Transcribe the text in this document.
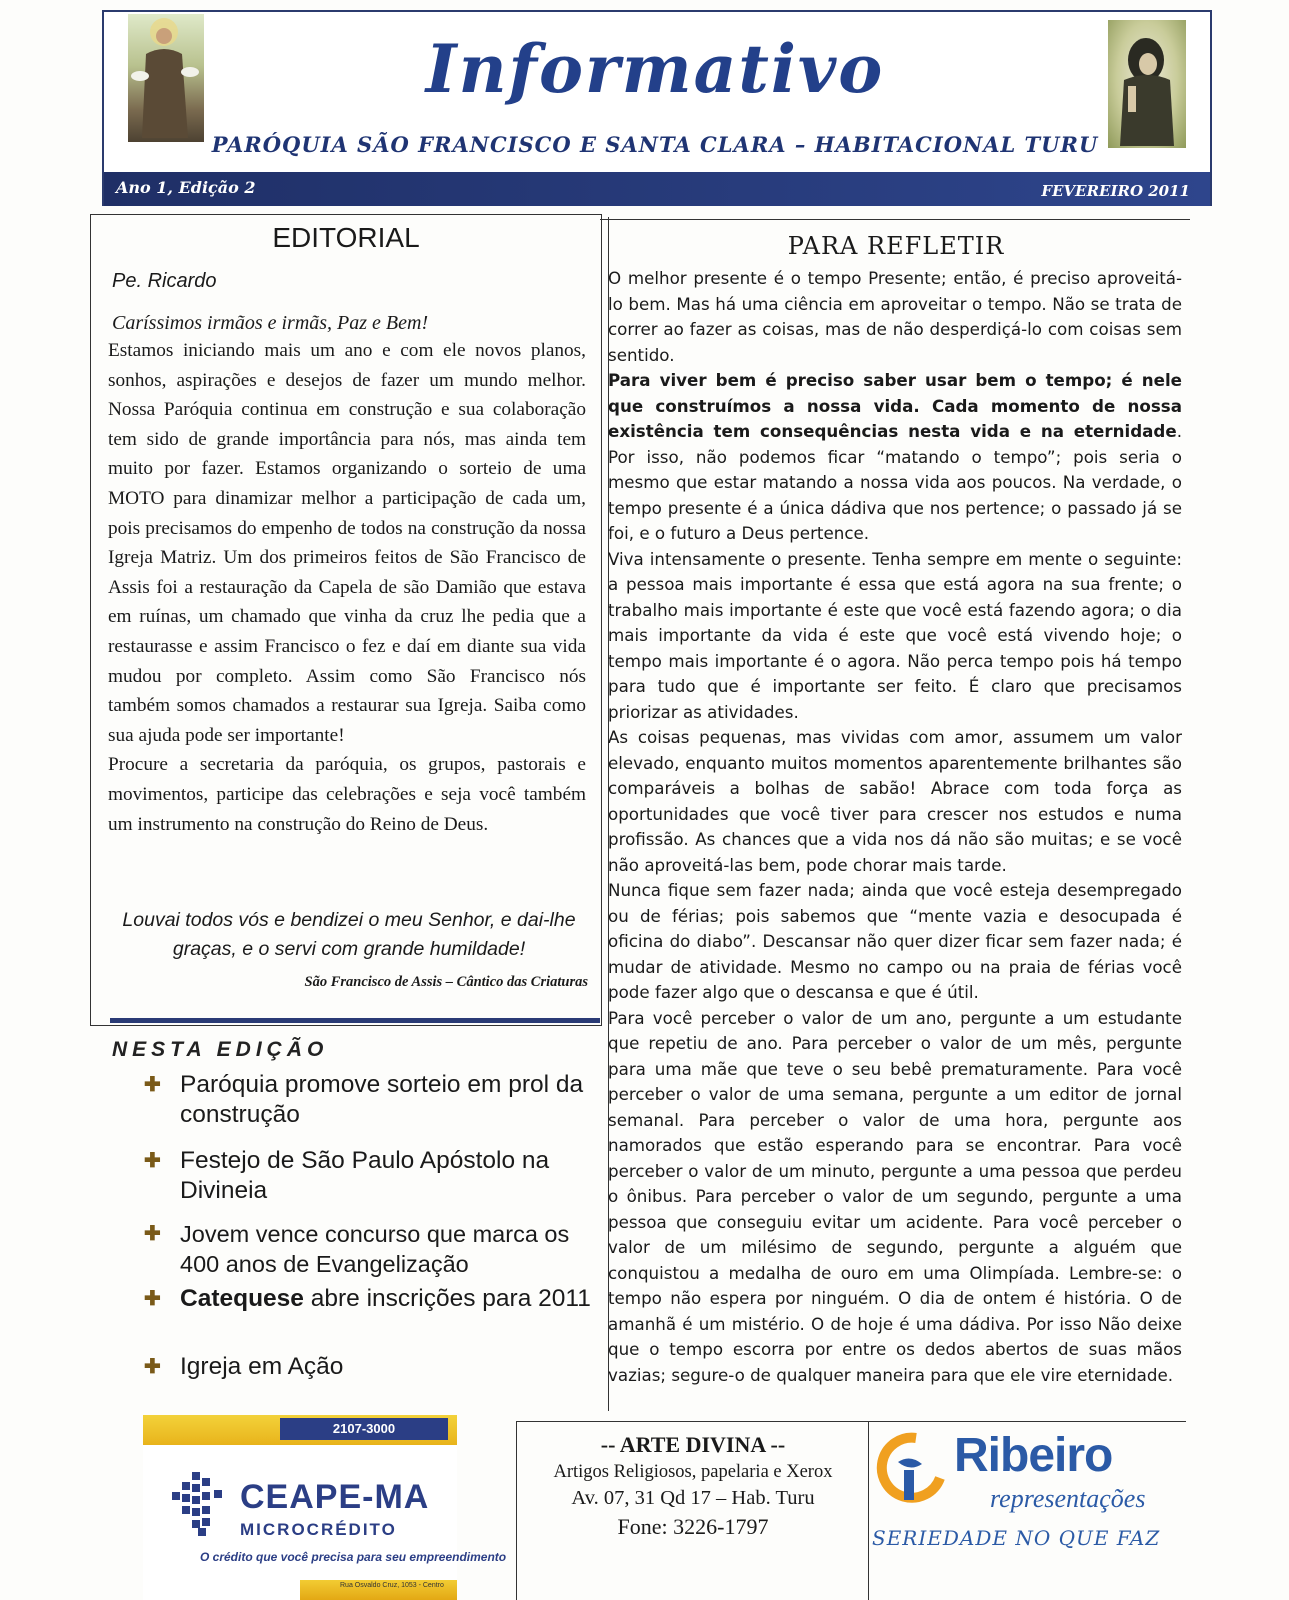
Informativo
PARÓQUIA SÃO FRANCISCO E SANTA CLARA – HABITACIONAL TURU
Ano 1, Edição 2	FEVEREIRO 2011
EDITORIAL
Pe. Ricardo
Caríssimos irmãos e irmãs, Paz e Bem!

Estamos iniciando mais um ano e com ele novos planos, sonhos, aspirações e desejos de fazer um mundo melhor. Nossa Paróquia continua em construção e sua colaboração tem sido de grande importância para nós, mas ainda tem muito por fazer. Estamos organizando o sorteio de uma MOTO para dinamizar melhor a participação de cada um, pois precisamos do empenho de todos na construção da nossa Igreja Matriz. Um dos primeiros feitos de São Francisco de Assis foi a restauração da Capela de são Damião que estava em ruínas, um chamado que vinha da cruz lhe pedia que a restaurasse e assim Francisco o fez e daí em diante sua vida mudou por completo. Assim como São Francisco nós também somos chamados a restaurar sua Igreja. Saiba como sua ajuda pode ser importante!

Procure a secretaria da paróquia, os grupos, pastorais e movimentos, participe das celebrações e seja você também um instrumento na construção do Reino de Deus.

Louvai todos vós e bendizei o meu Senhor, e dai-lhe graças, e o servi com grande humildade!
São Francisco de Assis – Cântico das Criaturas
NESTA EDIÇÃO
✚ Paróquia promove sorteio em prol da construção
✚ Festejo de São Paulo Apóstolo na Divineia
✚ Jovem vence concurso que marca os 400 anos de Evangelização
✚ Catequese abre inscrições para 2011
✚ Igreja em Ação
2107-3000
CEAPE-MA
MICROCRÉDITO
O crédito que você precisa para seu empreendimento
Rua Osvaldo Cruz, 1053 - Centro
PARA REFLETIR

O melhor presente é o tempo Presente; então, é preciso aproveitá-lo bem. Mas há uma ciência em aproveitar o tempo. Não se trata de correr ao fazer as coisas, mas de não desperdiçá-lo com coisas sem sentido.

Para viver bem é preciso saber usar bem o tempo; é nele que construímos a nossa vida. Cada momento de nossa existência tem consequências nesta vida e na eternidade. Por isso, não podemos ficar “matando o tempo”; pois seria o mesmo que estar matando a nossa vida aos poucos. Na verdade, o tempo presente é a única dádiva que nos pertence; o passado já se foi, e o futuro a Deus pertence.

Viva intensamente o presente. Tenha sempre em mente o seguinte: a pessoa mais importante é essa que está agora na sua frente; o trabalho mais importante é este que você está fazendo agora; o dia mais importante da vida é este que você está vivendo hoje; o tempo mais importante é o agora. Não perca tempo pois há tempo para tudo que é importante ser feito. É claro que precisamos priorizar as atividades.

As coisas pequenas, mas vividas com amor, assumem um valor elevado, enquanto muitos momentos aparentemente brilhantes são comparáveis a bolhas de sabão! Abrace com toda força as oportunidades que você tiver para crescer nos estudos e numa profissão. As chances que a vida nos dá não são muitas; e se você não aproveitá-las bem, pode chorar mais tarde.

Nunca fique sem fazer nada; ainda que você esteja desempregado ou de férias; pois sabemos que “mente vazia e desocupada é oficina do diabo”. Descansar não quer dizer ficar sem fazer nada; é mudar de atividade. Mesmo no campo ou na praia de férias você pode fazer algo que o descansa e que é útil.

Para você perceber o valor de um ano, pergunte a um estudante que repetiu de ano. Para perceber o valor de um mês, pergunte para uma mãe que teve o seu bebê prematuramente. Para você perceber o valor de uma semana, pergunte a um editor de jornal semanal. Para perceber o valor de uma hora, pergunte aos namorados que estão esperando para se encontrar. Para você perceber o valor de um minuto, pergunte a uma pessoa que perdeu o ônibus. Para perceber o valor de um segundo, pergunte a uma pessoa que conseguiu evitar um acidente. Para você perceber o valor de um milésimo de segundo, pergunte a alguém que conquistou a medalha de ouro em uma Olimpíada. Lembre-se: o tempo não espera por ninguém. O dia de ontem é história. O de amanhã é um mistério. O de hoje é uma dádiva. Por isso Não deixe que o tempo escorra por entre os dedos abertos de suas mãos vazias; segure-o de qualquer maneira para que ele vire eternidade.

-- ARTE DIVINA --
Artigos Religiosos, papelaria e Xerox
Av. 07, 31 Qd 17 – Hab. Turu
Fone: 3226-1797
Ribeiro
representações
SERIEDADE NO QUE FAZ
